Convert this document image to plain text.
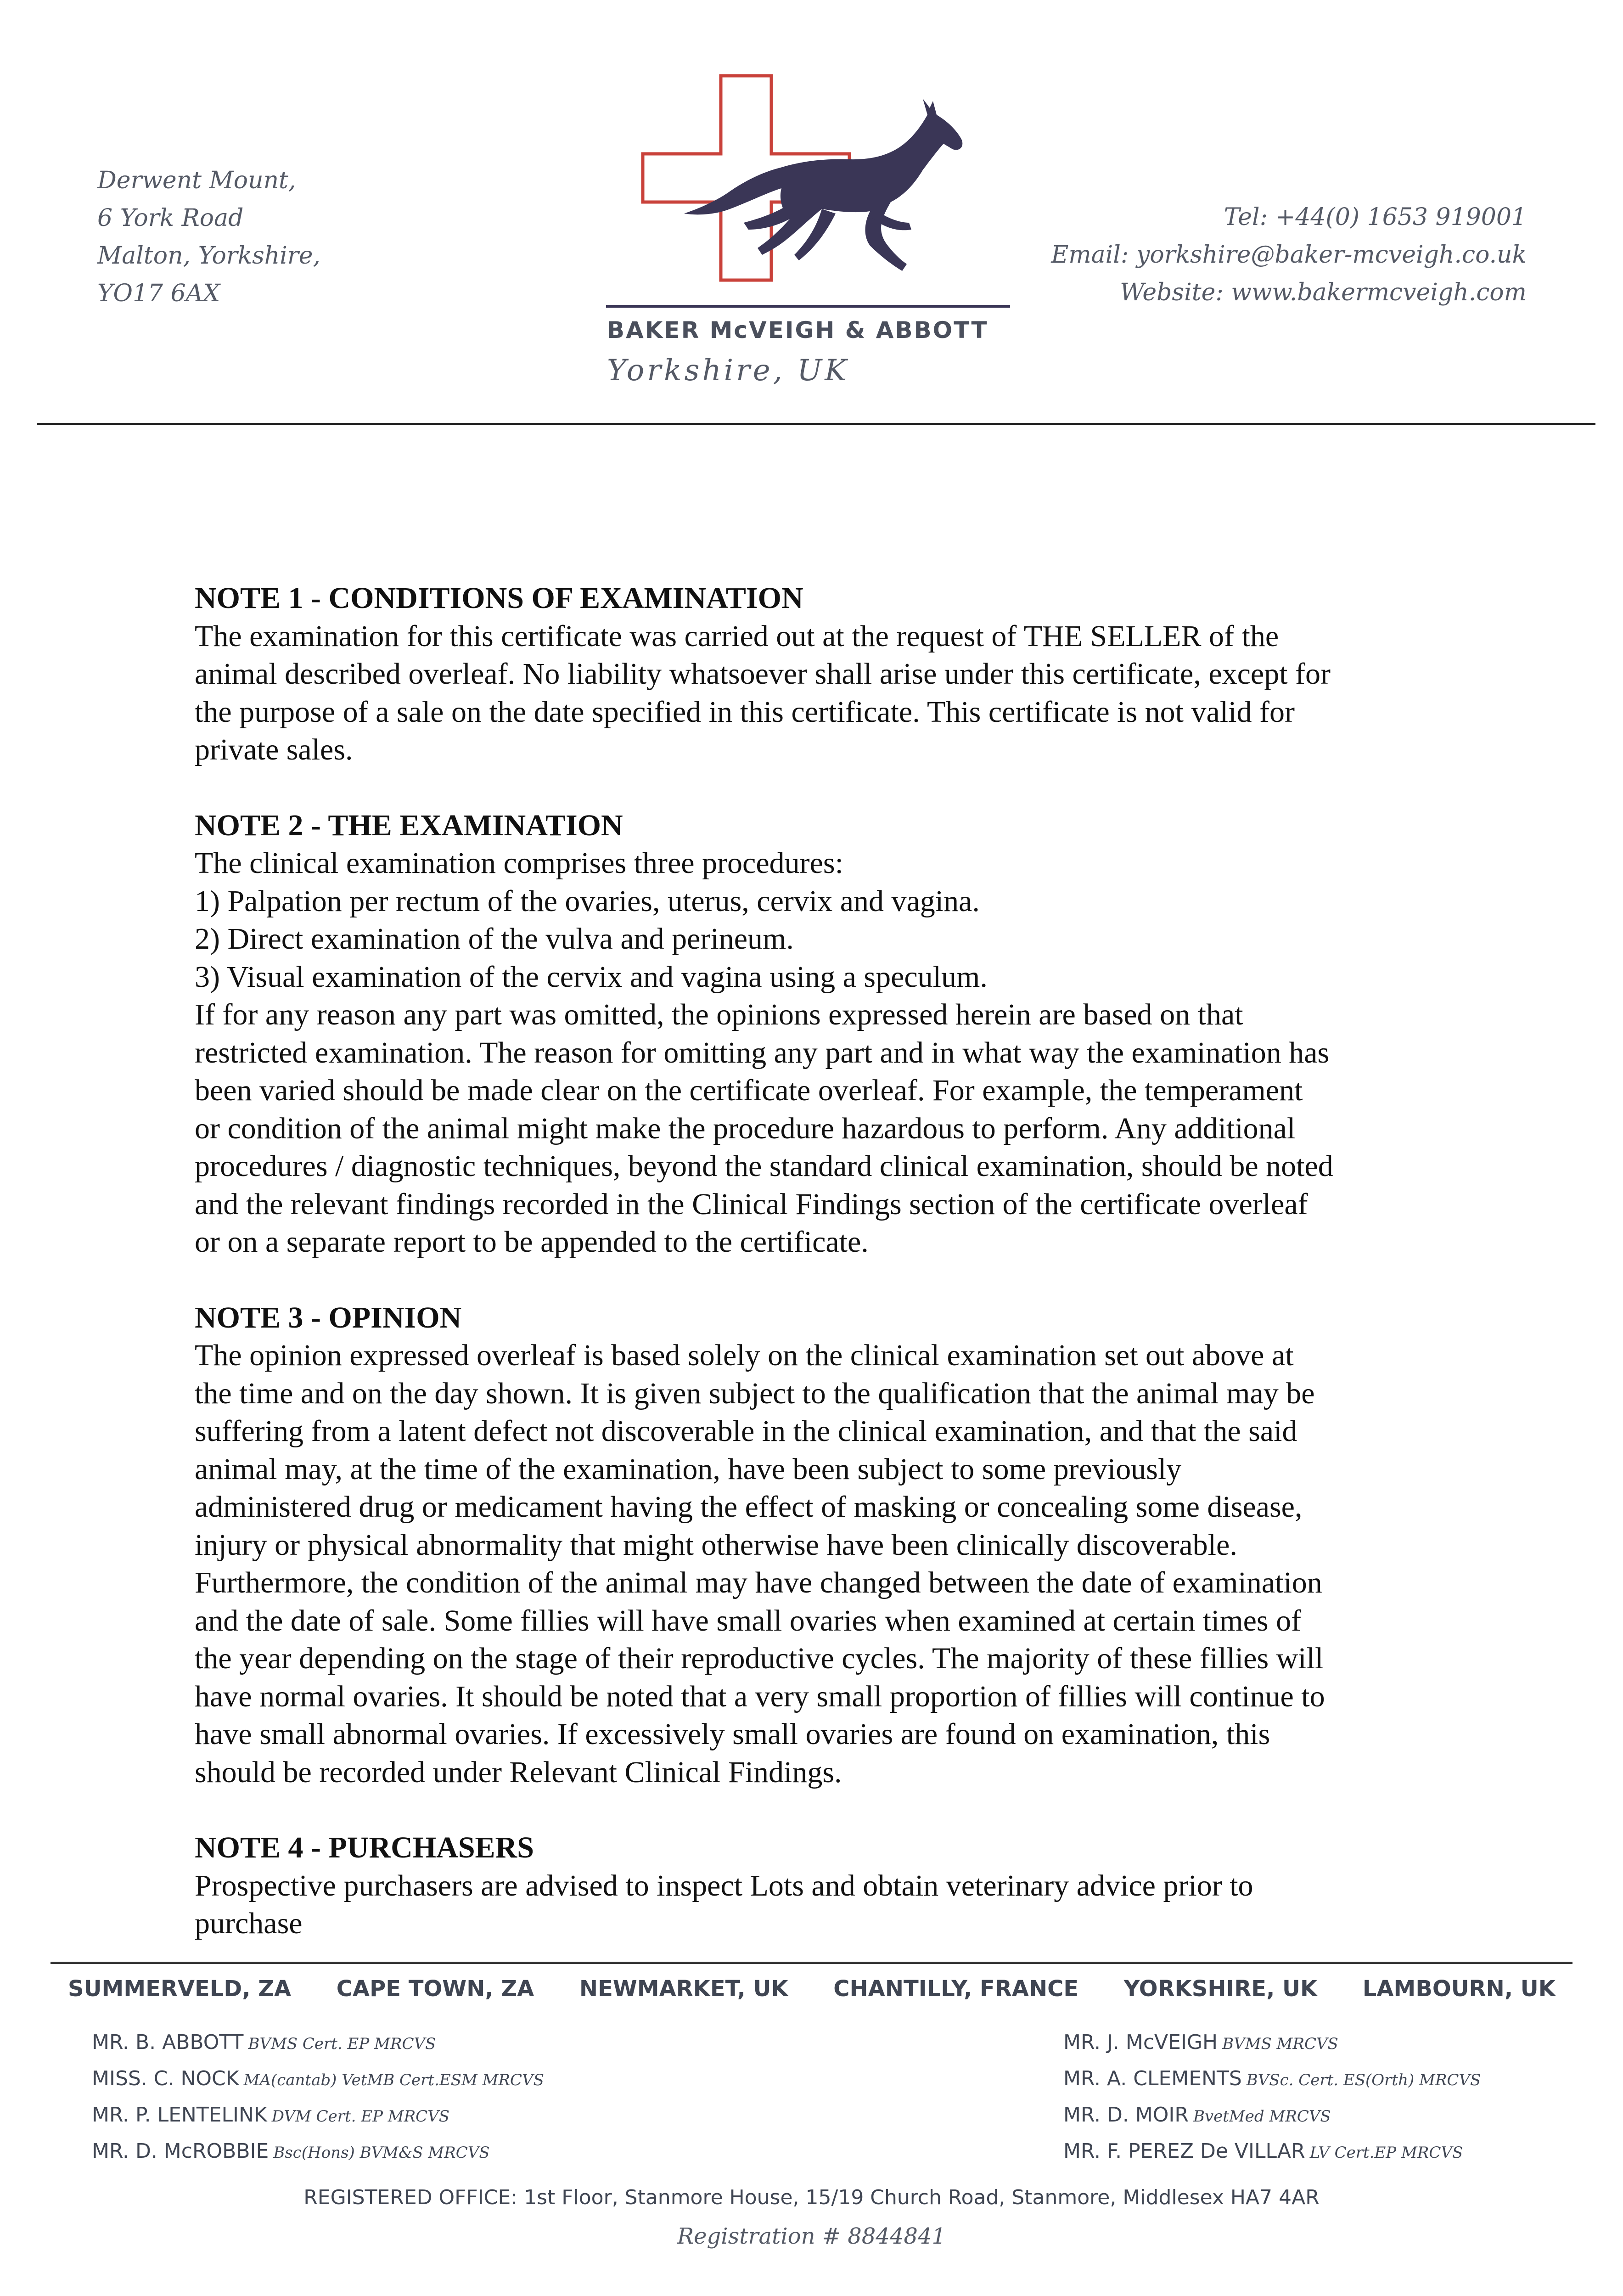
Derwent Mount,
6 York Road
Malton, Yorkshire,
YO17 6AX
BAKER McVEIGH & ABBOTT
Yorkshire, UK
Tel: +44(0) 1653 919001
Email: yorkshire@baker-mcveigh.co.uk
Website: www.bakermcveigh.com
NOTE 1 - CONDITIONS OF EXAMINATION

The examination for this certificate was carried out at the request of THE SELLER of the
animal described overleaf. No liability whatsoever shall arise under this certificate, except for
the purpose of a sale on the date specified in this certificate. This certificate is not valid for
private sales.

NOTE 2 - THE EXAMINATION

The clinical examination comprises three procedures:
1) Palpation per rectum of the ovaries, uterus, cervix and vagina.
2) Direct examination of the vulva and perineum.
3) Visual examination of the cervix and vagina using a speculum.
If for any reason any part was omitted, the opinions expressed herein are based on that
restricted examination. The reason for omitting any part and in what way the examination has
been varied should be made clear on the certificate overleaf. For example, the temperament
or condition of the animal might make the procedure hazardous to perform. Any additional
procedures / diagnostic techniques, beyond the standard clinical examination, should be noted
and the relevant findings recorded in the Clinical Findings section of the certificate overleaf
or on a separate report to be appended to the certificate.

NOTE 3 - OPINION

The opinion expressed overleaf is based solely on the clinical examination set out above at
the time and on the day shown. It is given subject to the qualification that the animal may be
suffering from a latent defect not discoverable in the clinical examination, and that the said
animal may, at the time of the examination, have been subject to some previously
administered drug or medicament having the effect of masking or concealing some disease,
injury or physical abnormality that might otherwise have been clinically discoverable.
Furthermore, the condition of the animal may have changed between the date of examination
and the date of sale. Some fillies will have small ovaries when examined at certain times of
the year depending on the stage of their reproductive cycles. The majority of these fillies will
have normal ovaries. It should be noted that a very small proportion of fillies will continue to
have small abnormal ovaries. If excessively small ovaries are found on examination, this
should be recorded under Relevant Clinical Findings.

NOTE 4 - PURCHASERS

Prospective purchasers are advised to inspect Lots and obtain veterinary advice prior to
purchase

SUMMERVELD, ZA CAPE TOWN, ZA NEWMARKET, UK CHANTILLY, FRANCE YORKSHIRE, UK LAMBOURN, UK
MR. B. ABBOTT BVMS Cert. EP MRCVS
MISS. C. NOCK MA(cantab) VetMB Cert.ESM MRCVS
MR. P. LENTELINK DVM Cert. EP MRCVS
MR. D. McROBBIE Bsc(Hons) BVM&S MRCVS
MR. J. McVEIGH BVMS MRCVS
MR. A. CLEMENTS BVSc. Cert. ES(Orth) MRCVS
MR. D. MOIR BvetMed MRCVS
MR. F. PEREZ De VILLAR LV Cert.EP MRCVS
REGISTERED OFFICE: 1st Floor, Stanmore House, 15/19 Church Road, Stanmore, Middlesex HA7 4AR
Registration # 8844841
